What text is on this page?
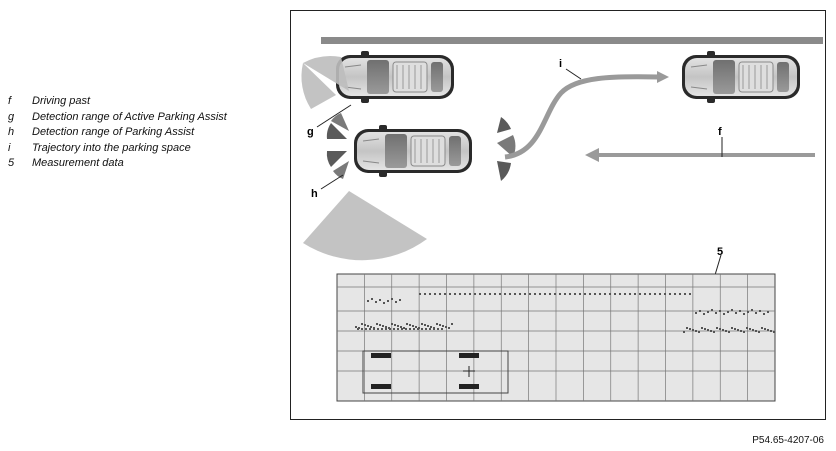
f	Driving past
g	Detection range of Active Parking Assist
h	Detection range of Parking Assist
i	Trajectory into the parking space
5	Measurement data
i
f
g
h
5
P54.65-4207-06
